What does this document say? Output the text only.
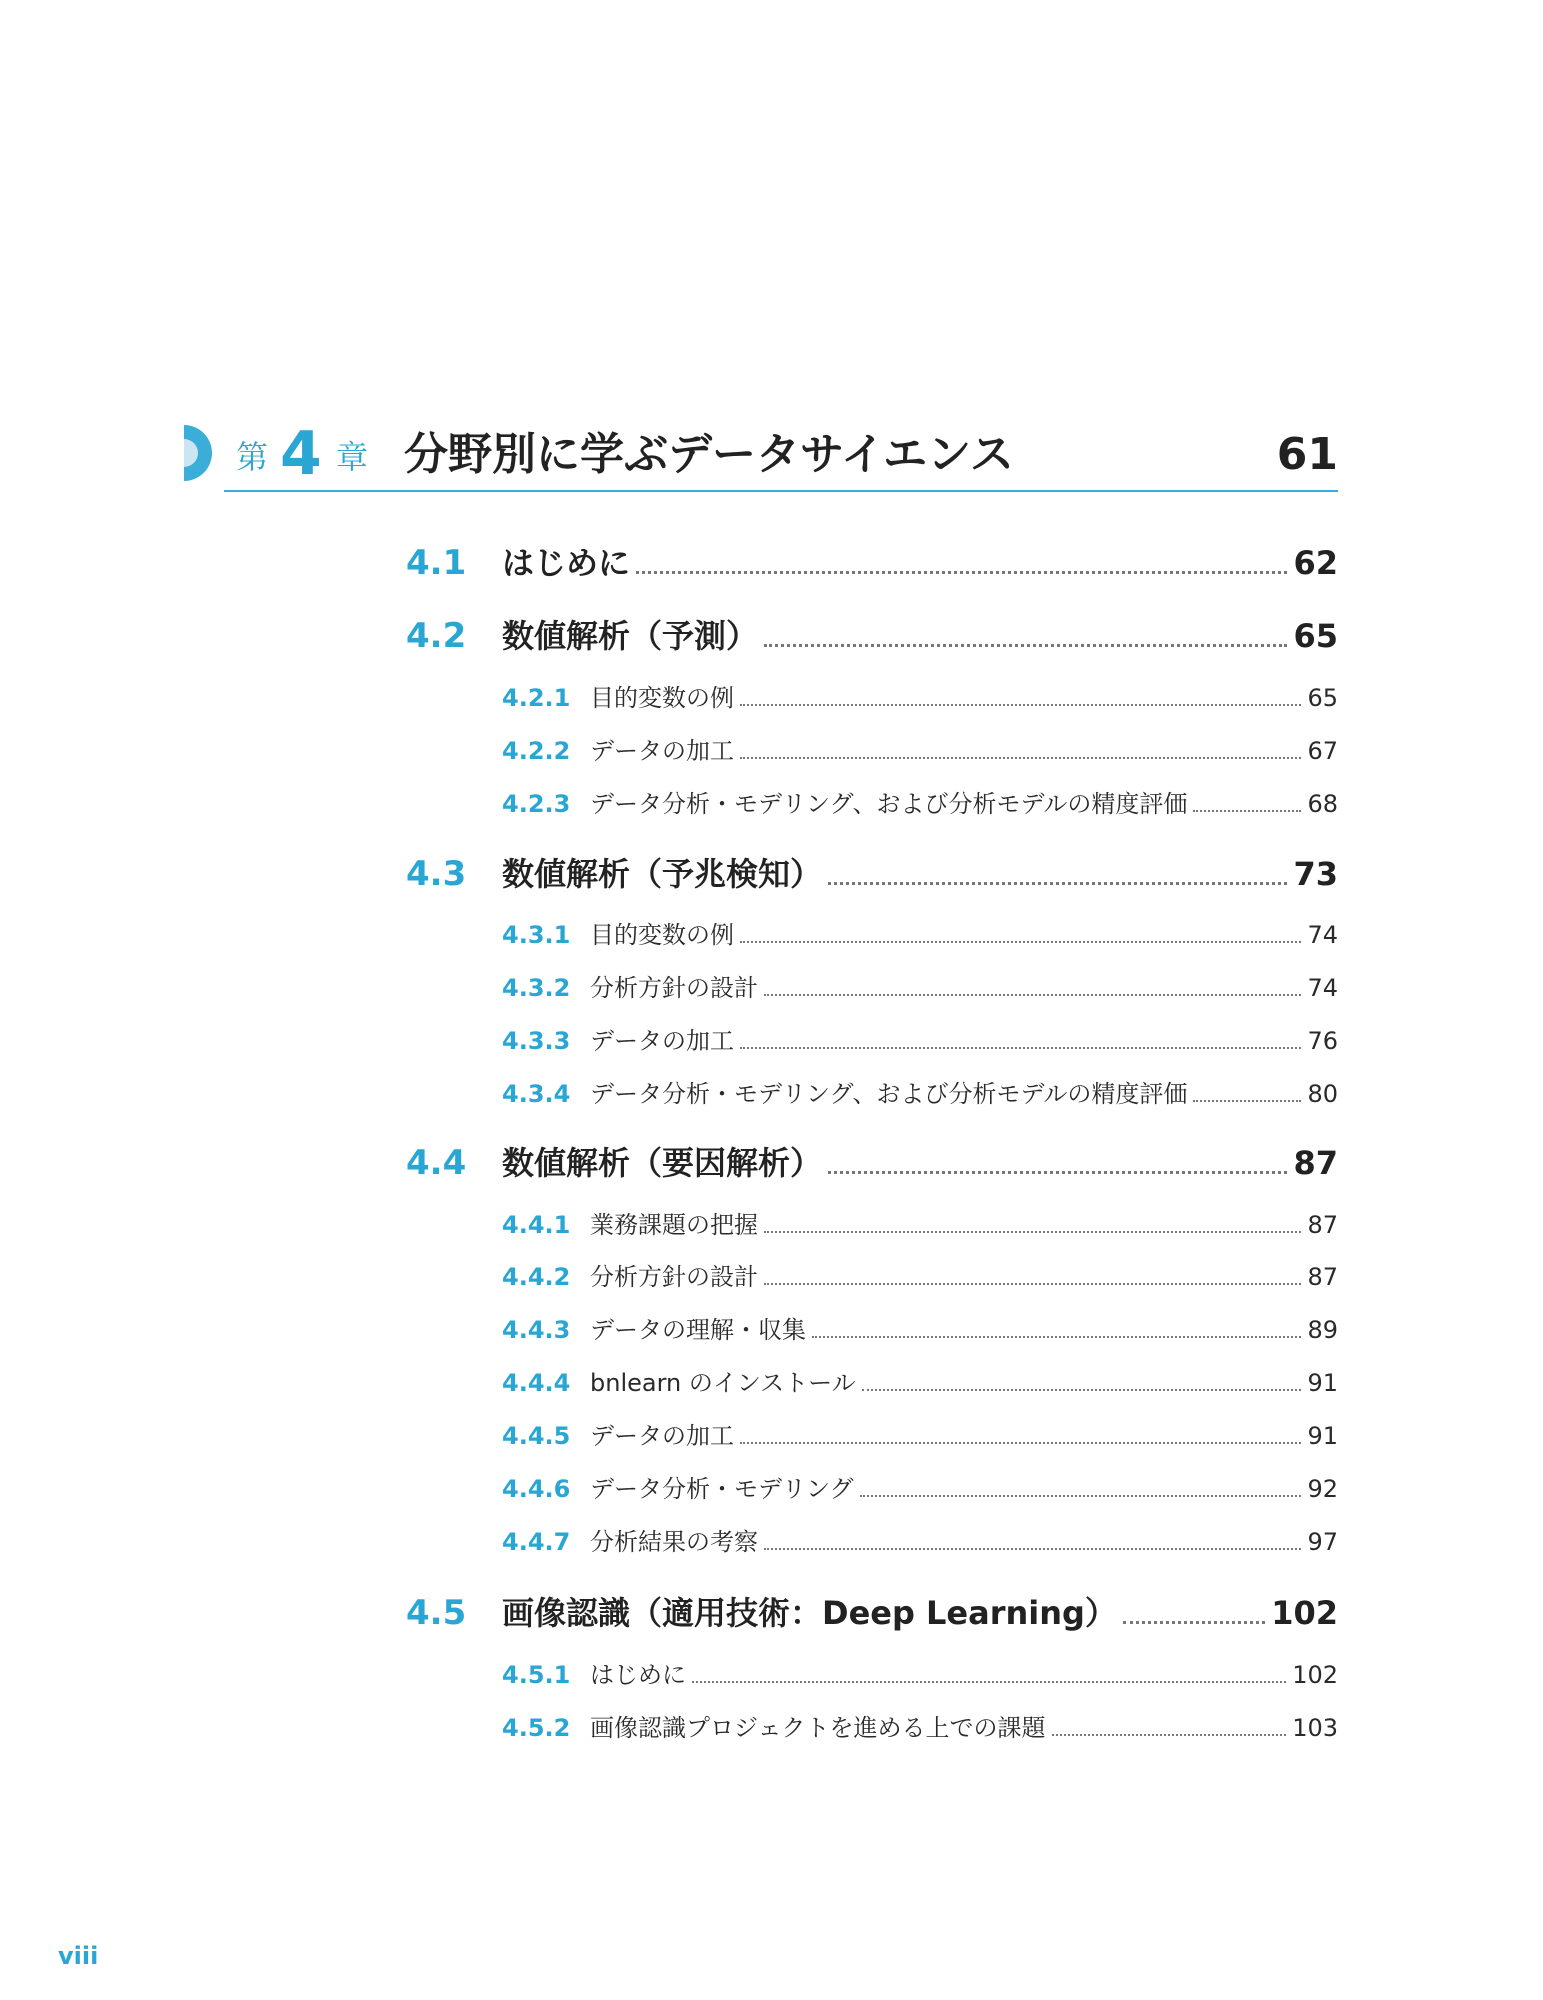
第 4 章 分野別に学ぶデータサイエンス	61
4.1	はじめに	62
4.2	数値解析（予測）	65
4.2.1 目的変数の例	65
4.2.2 データの加工	67
4.2.3 データ分析・モデリング、および分析モデルの精度評価	68
4.3	数値解析（予兆検知）	73
4.3.1 目的変数の例	74
4.3.2 分析方針の設計	74
4.3.3 データの加工	76
4.3.4 データ分析・モデリング、および分析モデルの精度評価	80
4.4	数値解析（要因解析）	87
4.4.1 業務課題の把握	87
4.4.2 分析方針の設計	87
4.4.3 データの理解・収集	89
4.4.4 bnlearn のインストール	91
4.4.5 データの加工	91
4.4.6 データ分析・モデリング	92
4.4.7 分析結果の考察	97
4.5	画像認識（適用技術：Deep Learning）	102
4.5.1 はじめに	102
4.5.2 画像認識プロジェクトを進める上での課題	103
viii
